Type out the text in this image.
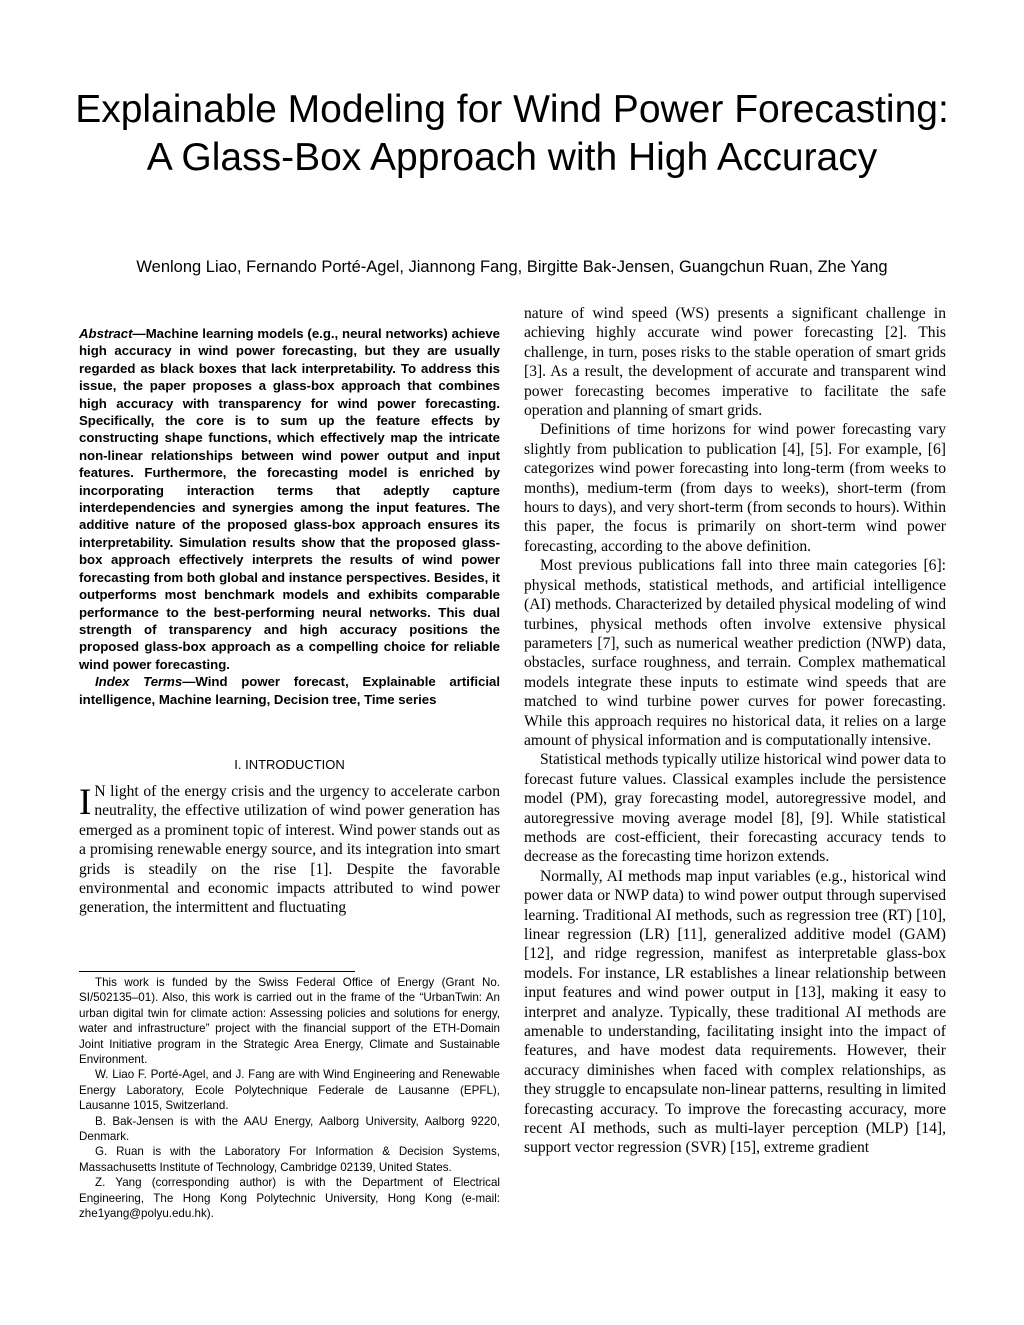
Explainable Modeling for Wind Power Forecasting: A Glass-Box Approach with High Accuracy
Wenlong Liao, Fernando Porté-Agel, Jiannong Fang, Birgitte Bak-Jensen, Guangchun Ruan, Zhe Yang

Abstract—Machine learning models (e.g., neural networks) achieve high accuracy in wind power forecasting, but they are usually regarded as black boxes that lack interpretability. To address this issue, the paper proposes a glass-box approach that combines high accuracy with transparency for wind power forecasting. Specifically, the core is to sum up the feature effects by constructing shape functions, which effectively map the intricate non-linear relationships between wind power output and input features. Furthermore, the forecasting model is enriched by incorporating interaction terms that adeptly capture interdependencies and synergies among the input features. The additive nature of the proposed glass-box approach ensures its interpretability. Simulation results show that the proposed glass-box approach effectively interprets the results of wind power forecasting from both global and instance perspectives. Besides, it outperforms most benchmark models and exhibits comparable performance to the best-performing neural networks. This dual strength of transparency and high accuracy positions the proposed glass-box approach as a compelling choice for reliable wind power forecasting.

Index Terms—Wind power forecast, Explainable artificial intelligence, Machine learning, Decision tree, Time series

I. INTRODUCTION

I N light of the energy crisis and the urgency to accelerate carbon neutrality, the effective utilization of wind power generation has emerged as a prominent topic of interest. Wind power stands out as a promising renewable energy source, and its integration into smart grids is steadily on the rise [1]. Despite the favorable environmental and economic impacts attributed to wind power generation, the intermittent and fluctuating

This work is funded by the Swiss Federal Office of Energy (Grant No. SI/502135–01). Also, this work is carried out in the frame of the “UrbanTwin: An urban digital twin for climate action: Assessing policies and solutions for energy, water and infrastructure” project with the financial support of the ETH-Domain Joint Initiative program in the Strategic Area Energy, Climate and Sustainable Environment.

W. Liao F. Porté-Agel, and J. Fang are with Wind Engineering and Renewable Energy Laboratory, Ecole Polytechnique Federale de Lausanne (EPFL), Lausanne 1015, Switzerland.

B. Bak-Jensen is with the AAU Energy, Aalborg University, Aalborg 9220, Denmark.

G. Ruan is with the Laboratory For Information & Decision Systems, Massachusetts Institute of Technology, Cambridge 02139, United States.

Z. Yang (corresponding author) is with the Department of Electrical Engineering, The Hong Kong Polytechnic University, Hong Kong (e-mail: zhe1yang@polyu.edu.hk).

nature of wind speed (WS) presents a significant challenge in achieving highly accurate wind power forecasting [2]. This challenge, in turn, poses risks to the stable operation of smart grids [3]. As a result, the development of accurate and transparent wind power forecasting becomes imperative to facilitate the safe operation and planning of smart grids.

Definitions of time horizons for wind power forecasting vary slightly from publication to publication [4], [5]. For example, [6] categorizes wind power forecasting into long-term (from weeks to months), medium-term (from days to weeks), short-term (from hours to days), and very short-term (from seconds to hours). Within this paper, the focus is primarily on short-term wind power forecasting, according to the above definition.

Most previous publications fall into three main categories [6]: physical methods, statistical methods, and artificial intelligence (AI) methods. Characterized by detailed physical modeling of wind turbines, physical methods often involve extensive physical parameters [7], such as numerical weather prediction (NWP) data, obstacles, surface roughness, and terrain. Complex mathematical models integrate these inputs to estimate wind speeds that are matched to wind turbine power curves for power forecasting. While this approach requires no historical data, it relies on a large amount of physical information and is computationally intensive.

Statistical methods typically utilize historical wind power data to forecast future values. Classical examples include the persistence model (PM), gray forecasting model, autoregressive model, and autoregressive moving average model [8], [9]. While statistical methods are cost-efficient, their forecasting accuracy tends to decrease as the forecasting time horizon extends.

Normally, AI methods map input variables (e.g., historical wind power data or NWP data) to wind power output through supervised learning. Traditional AI methods, such as regression tree (RT) [10], linear regression (LR) [11], generalized additive model (GAM) [12], and ridge regression, manifest as interpretable glass-box models. For instance, LR establishes a linear relationship between input features and wind power output in [13], making it easy to interpret and analyze. Typically, these traditional AI methods are amenable to understanding, facilitating insight into the impact of features, and have modest data requirements. However, their accuracy diminishes when faced with complex relationships, as they struggle to encapsulate non-linear patterns, resulting in limited forecasting accuracy. To improve the forecasting accuracy, more recent AI methods, such as multi-layer perception (MLP) [14], support vector regression (SVR) [15], extreme gradient
